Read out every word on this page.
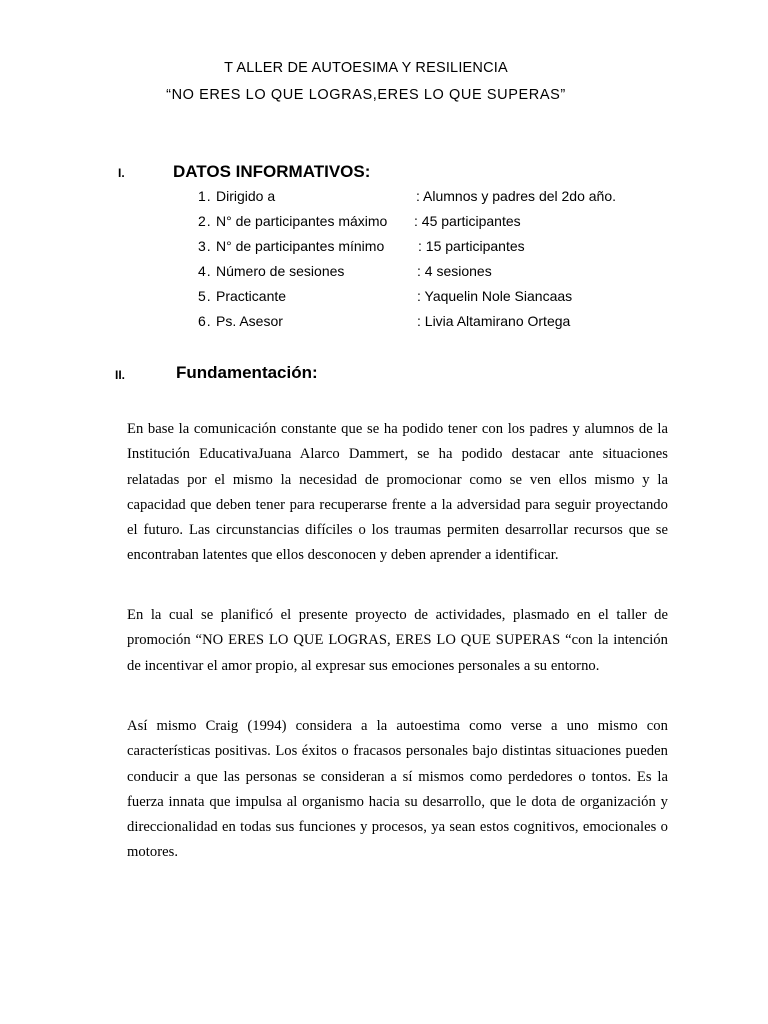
T ALLER DE AUTOESIMA Y RESILIENCIA
“NO ERES LO QUE LOGRAS,ERES LO QUE SUPERAS”
I.	DATOS INFORMATIVOS:
1. Dirigido a	: Alumnos y padres del 2do año.
2. N° de participantes máximo : 45 participantes
3. N° de participantes mínimo : 15 participantes
4. Número de sesiones	: 4 sesiones
5. Practicante	: Yaquelin Nole Siancaas
6. Ps. Asesor	: Livia Altamirano Ortega
II.	Fundamentación:

En base la comunicación constante que se ha podido tener con los padres y alumnos de la Institución EducativaJuana Alarco Dammert, se ha podido destacar ante situaciones relatadas por el mismo la necesidad de promocionar como se ven ellos mismo y la capacidad que deben tener para recuperarse frente a la adversidad para seguir proyectando el futuro. Las circunstancias difíciles o los traumas permiten desarrollar recursos que se encontraban latentes que ellos desconocen y deben aprender a identificar.

En la cual se planificó el presente proyecto de actividades, plasmado en el taller de promoción “NO ERES LO QUE LOGRAS, ERES LO QUE SUPERAS “con la intención de incentivar el amor propio, al expresar sus emociones personales a su entorno.

Así mismo Craig (1994) considera a la autoestima como verse a uno mismo con características positivas. Los éxitos o fracasos personales bajo distintas situaciones pueden conducir a que las personas se consideran a sí mismos como perdedores o tontos. Es la fuerza innata que impulsa al organismo hacia su desarrollo, que le dota de organización y direccionalidad en todas sus funciones y procesos, ya sean estos cognitivos, emocionales o motores.
